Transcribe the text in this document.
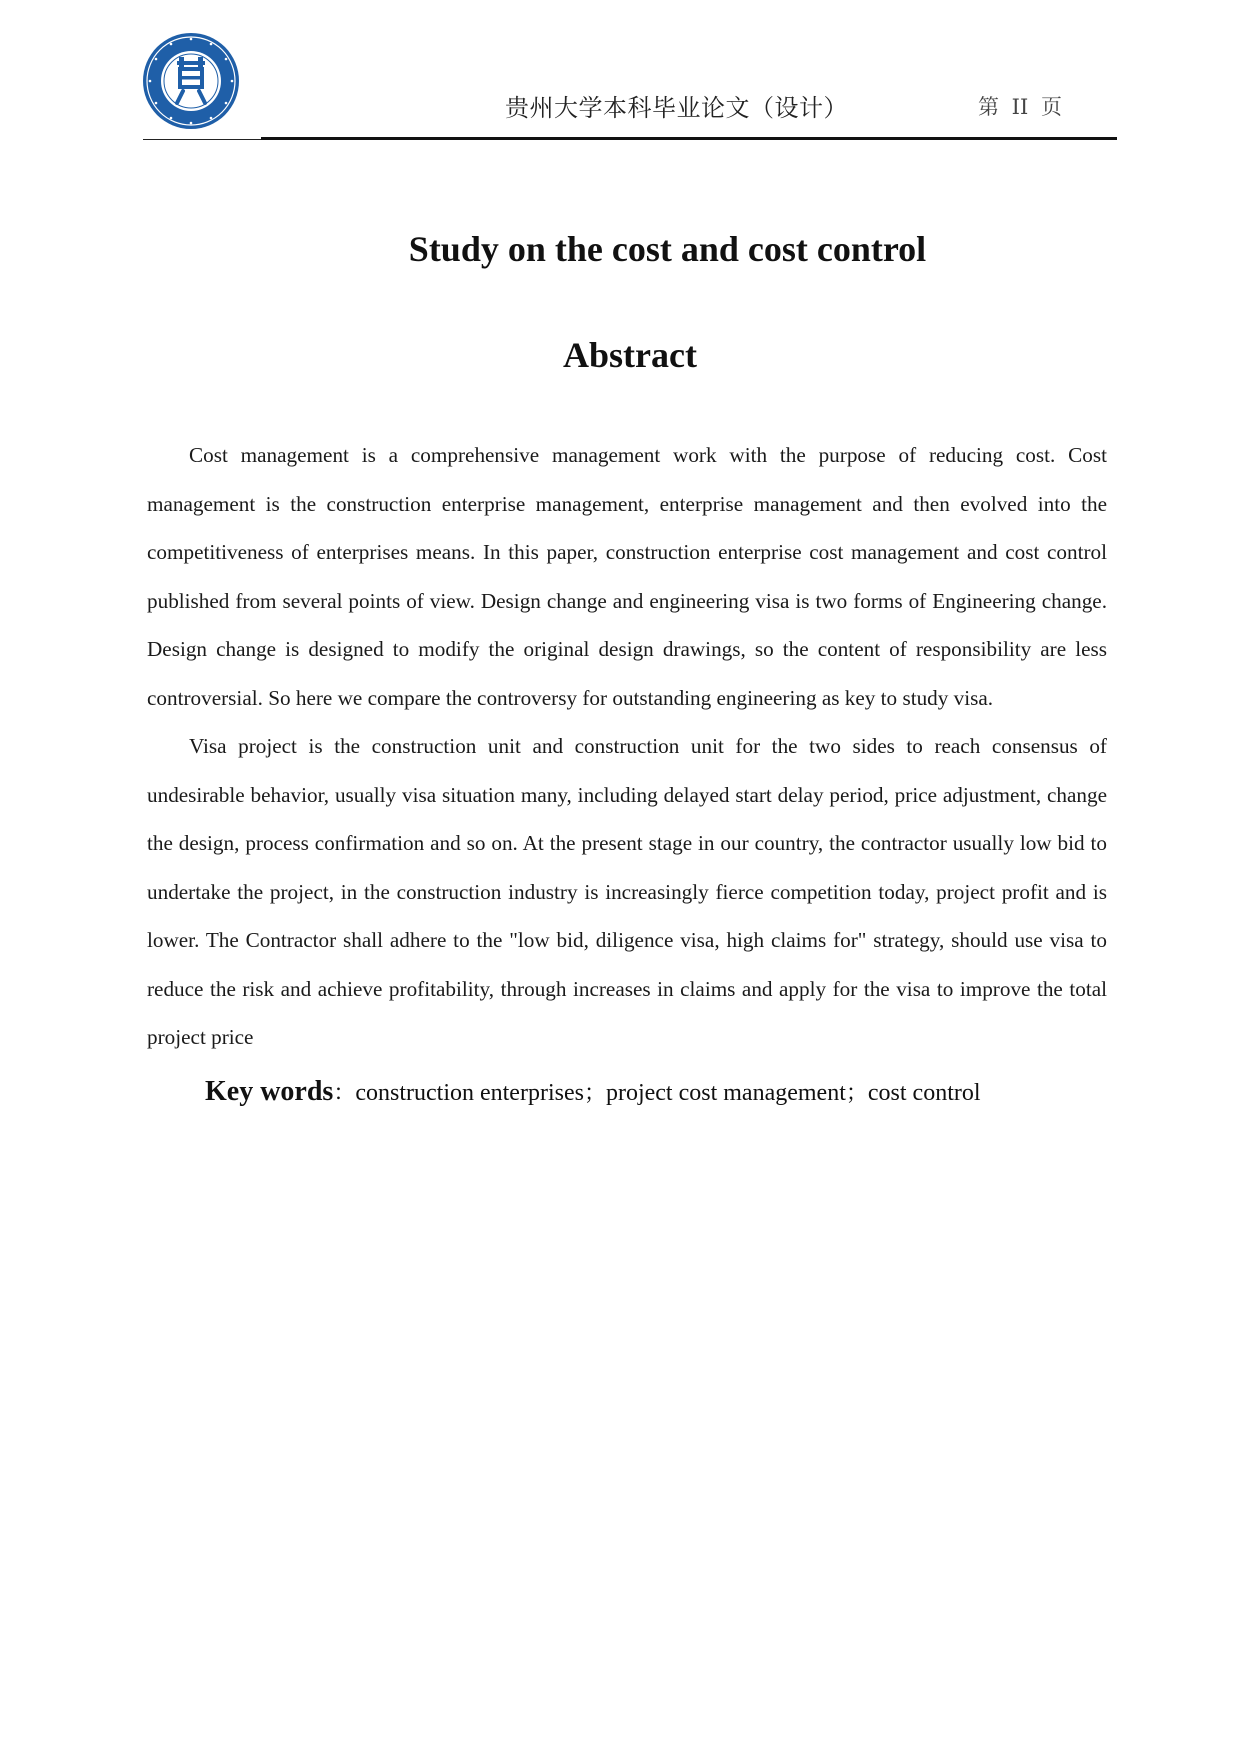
贵州大学本科毕业论文（设计）	第 II 页
Study on the cost and cost control
Abstract

Cost management is a comprehensive management work with the purpose of reducing cost. Cost management is the construction enterprise management, enterprise management and then evolved into the competitiveness of enterprises means. In this paper, construction enterprise cost management and cost control published from several points of view. Design change and engineering visa is two forms of Engineering change. Design change is designed to modify the original design drawings, so the content of responsibility are less controversial. So here we compare the controversy for outstanding engineering as key to study visa.

Visa project is the construction unit and construction unit for the two sides to reach consensus of undesirable behavior, usually visa situation many, including delayed start delay period, price adjustment, change the design, process confirmation and so on. At the present stage in our country, the contractor usually low bid to undertake the project, in the construction industry is increasingly fierce competition today, project profit and is lower. The Contractor shall adhere to the "low bid, diligence visa, high claims for" strategy, should use visa to reduce the risk and achieve profitability, through increases in claims and apply for the visa to improve the total project price

Key words：construction enterprises；project cost management；cost control
